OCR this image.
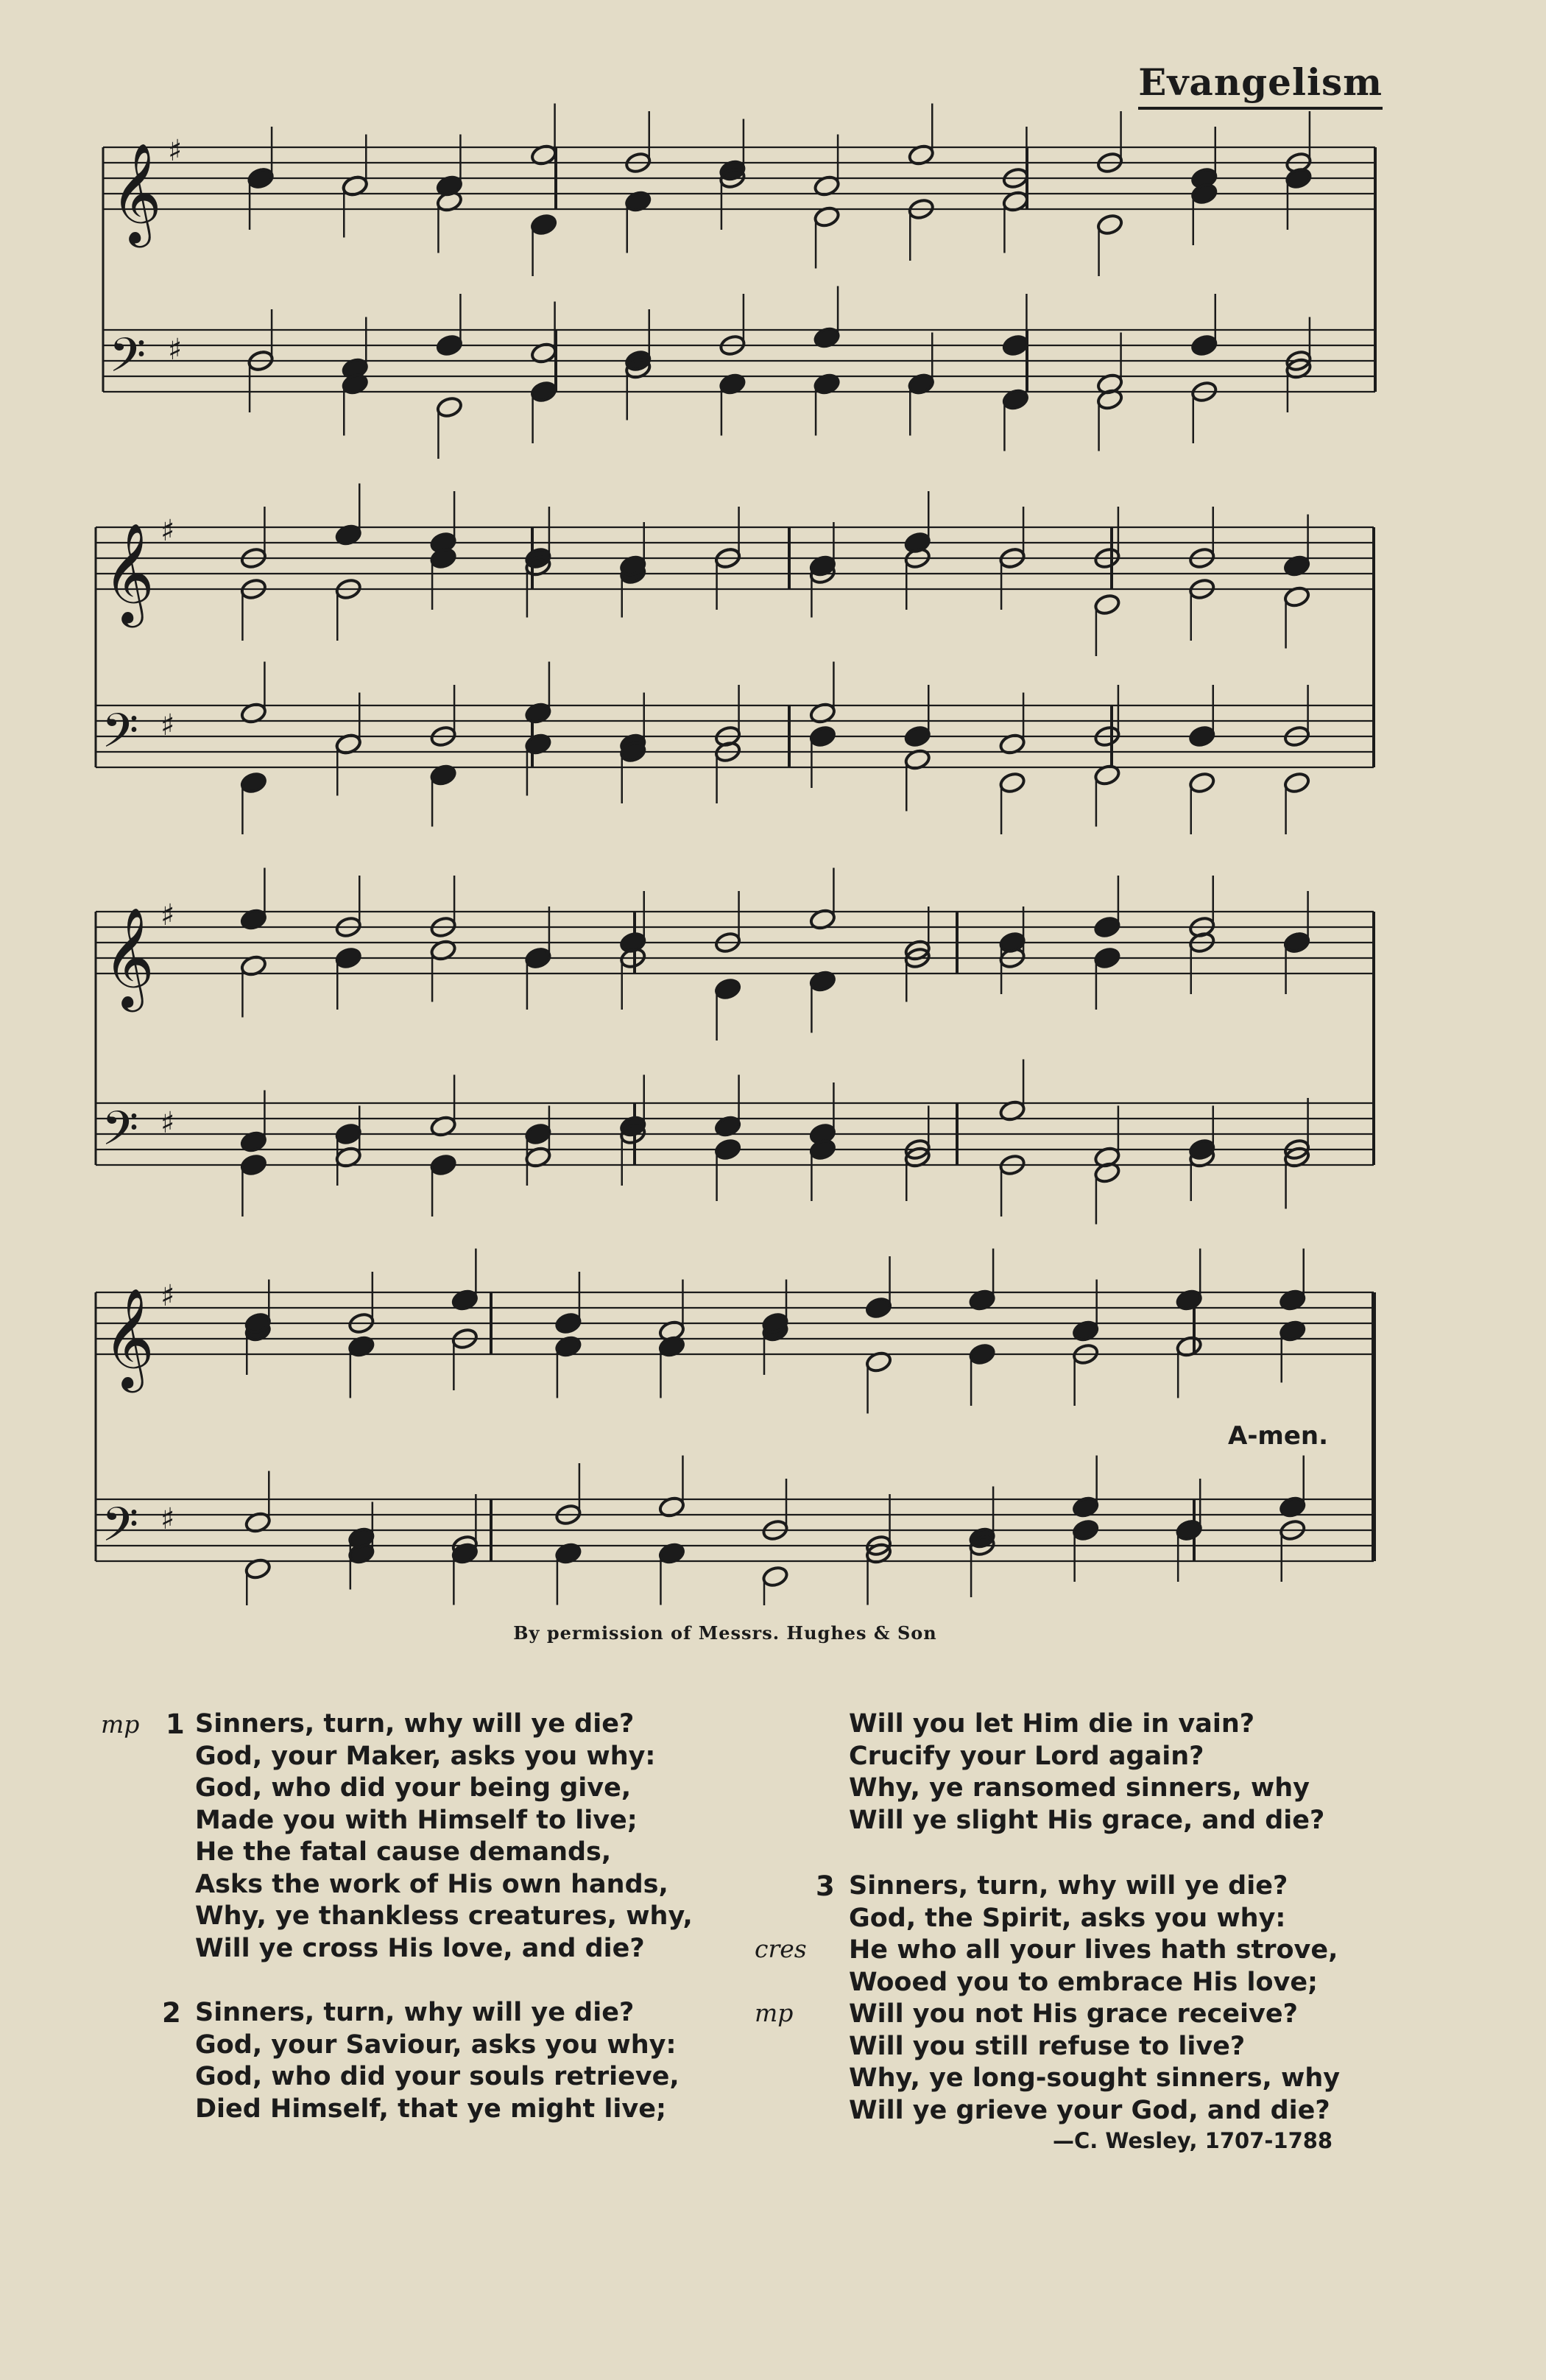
Evangelism
𝄞 ♯
𝄢 ♯
𝄞 ♯
𝄢 ♯
𝄞 ♯
𝄢 ♯
𝄞 ♯
𝄢 ♯
A-men.
By permission of Messrs. Hughes & Son
mp 1 Sinners, turn, why will ye die?
God, your Maker, asks you why:
God, who did your being give,
Made you with Himself to live;
He the fatal cause demands,
Asks the work of His own hands,
Why, ye thankless creatures, why,
Will ye cross His love, and die?
2 Sinners, turn, why will ye die?
God, your Saviour, asks you why:
God, who did your souls retrieve,
Died Himself, that ye might live;
Will you let Him die in vain?
Crucify your Lord again?
Why, ye ransomed sinners, why
Will ye slight His grace, and die?
3
cres
mp
Sinners, turn, why will ye die?
God, the Spirit, asks you why:
He who all your lives hath strove,
Wooed you to embrace His love;
Will you not His grace receive?
Will you still refuse to live?
Why, ye long-sought sinners, why
Will ye grieve your God, and die?
—C. Wesley, 1707-1788
